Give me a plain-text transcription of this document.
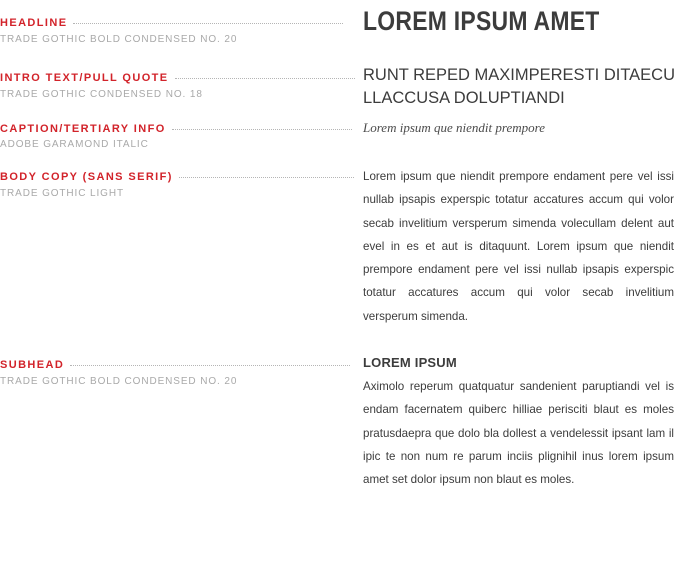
HEADLINE
TRADE GOTHIC BOLD CONDENSED NO. 20
INTRO TEXT/PULL QUOTE
TRADE GOTHIC CONDENSED NO. 18
CAPTION/TERTIARY INFO
ADOBE GARAMOND ITALIC
BODY COPY (SANS SERIF)
TRADE GOTHIC LIGHT
SUBHEAD
TRADE GOTHIC BOLD CONDENSED NO. 20
LOREM IPSUM AMET

RUNT REPED MAXIMPERESTI DITAECU LLACCUSA DOLUPTIANDI

Lorem ipsum que niendit prempore

Lorem ipsum que niendit prempore endament pere vel issi nullab ipsapis experspic totatur accatures accum qui volor secab invelitium versperum simenda volecullam delent aut evel in es et aut is ditaquunt. Lorem ipsum que niendit prempore endament pere vel issi nullab ipsapis experspic totatur accatures accum qui volor secab invelitium versperum simenda.

LOREM IPSUM

Aximolo reperum quatquatur sandenient paruptiandi vel is endam facernatem quiberc hilliae perisciti blaut es moles pratusdaepra que dolo bla dollest a vendelessit ipsant lam il ipic te non num re parum inciis plignihil inus lorem ipsum amet set dolor ipsum non blaut es moles.
